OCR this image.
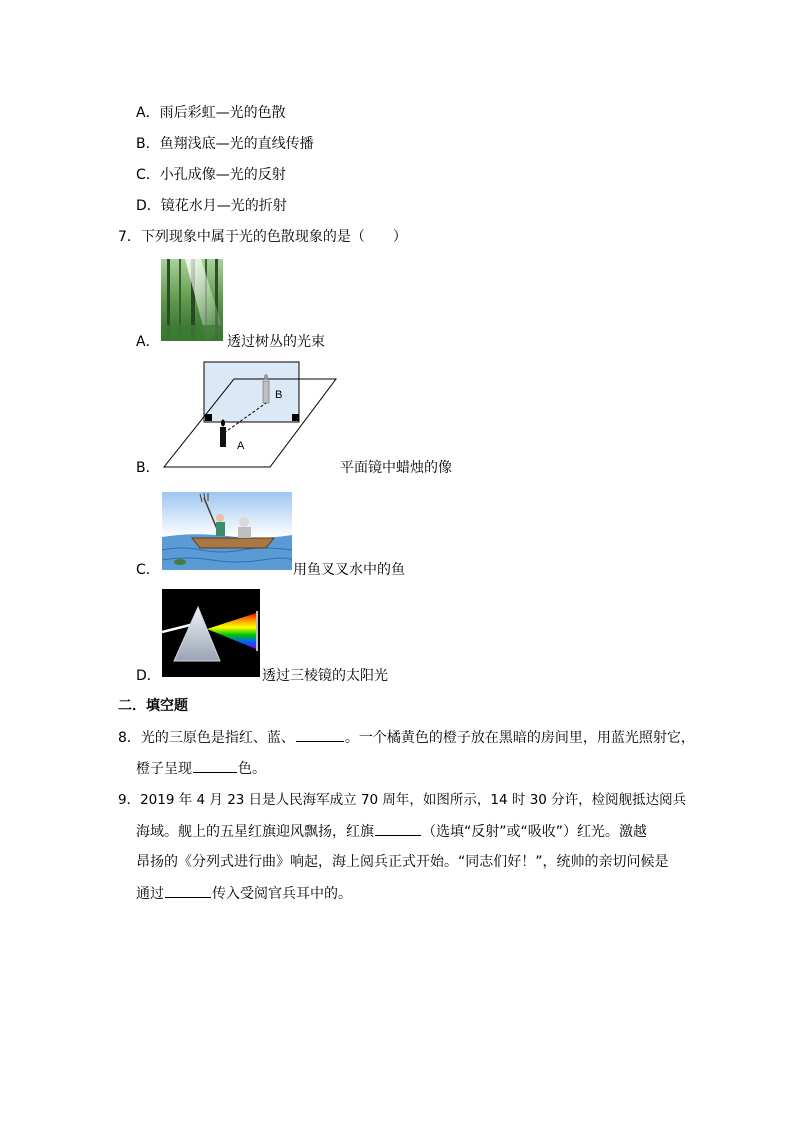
A．雨后彩虹—光的色散
B．鱼翔浅底—光的直线传播
C．小孔成像—光的反射
D．镜花水月—光的折射
7．下列现象中属于光的色散现象的是（　　）
A．	透过树丛的光束
B．
B
A
平面镜中蜡烛的像
C．	用鱼叉叉水中的鱼
D．	透过三棱镜的太阳光
二．填空题
8．光的三原色是指红、蓝、	。一个橘黄色的橙子放在黑暗的房间里，用蓝光照射它，
橙子呈现	色。
9．2019 年 4 月 23 日是人民海军成立 70 周年，如图所示，14 时 30 分许，检阅舰抵达阅兵
海域。舰上的五星红旗迎风飘扬，红旗	（选填“反射”或“吸收”）红光。激越
昂扬的《分列式进行曲》响起，海上阅兵正式开始。“同志们好！”，统帅的亲切问候是
通过	传入受阅官兵耳中的。
